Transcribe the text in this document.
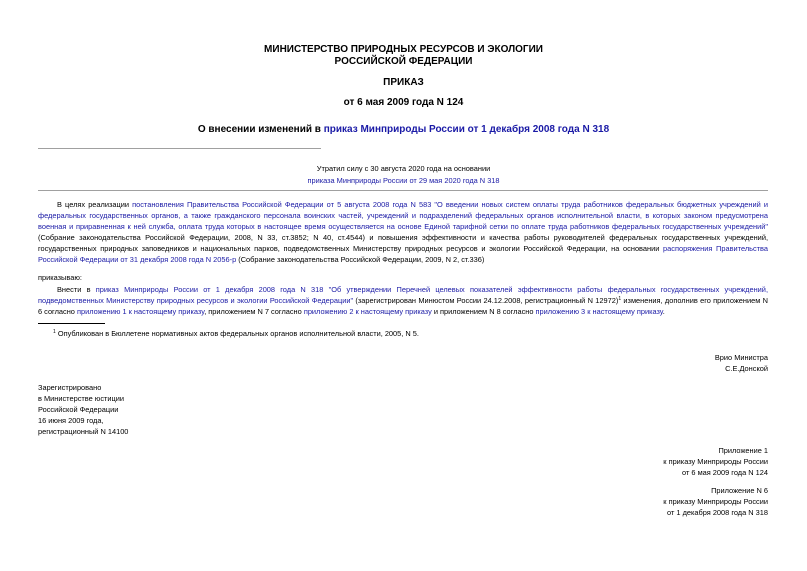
МИНИСТЕРСТВО ПРИРОДНЫХ РЕСУРСОВ И ЭКОЛОГИИ
РОССИЙСКОЙ ФЕДЕРАЦИИ
ПРИКАЗ
от 6 мая 2009 года N 124
О внесении изменений в приказ Минприроды России от 1 декабря 2008 года N 318
Утратил силу с 30 августа 2020 года на основании
приказа Минприроды России от 29 мая 2020 года N 318
В целях реализации постановления Правительства Российской Федерации от 5 августа 2008 года N 583 "О введении новых систем оплаты труда работников федеральных бюджетных учреждений и федеральных государственных органов, а также гражданского персонала воинских частей, учреждений и подразделений федеральных органов исполнительной власти, в которых законом предусмотрена военная и приравненная к ней служба, оплата труда которых в настоящее время осуществляется на основе Единой тарифной сетки по оплате труда работников федеральных государственных учреждений" (Собрание законодательства Российской Федерации, 2008, N 33, ст.3852; N 40, ст.4544) и повышения эффективности и качества работы руководителей федеральных государственных учреждений, государственных природных заповедников и национальных парков, подведомственных Министерству природных ресурсов и экологии Российской Федерации, на основании распоряжения Правительства Российской Федерации от 31 декабря 2008 года N 2056-р (Собрание законодательства Российской Федерации, 2009, N 2, ст.336)
приказываю:
Внести в приказ Минприроды России от 1 декабря 2008 года N 318 "Об утверждении Перечней целевых показателей эффективности работы федеральных государственных учреждений, подведомственных Министерству природных ресурсов и экологии Российской Федерации" (зарегистрирован Минюстом России 24.12.2008, регистрационный N 12972)$^1$ изменения, дополнив его приложением N 6 согласно приложению 1 к настоящему приказу, приложением N 7 согласно приложению 2 к настоящему приказу и приложением N 8 согласно приложению 3 к настоящему приказу.
$^1$ Опубликован в Бюллетене нормативных актов федеральных органов исполнительной власти, 2005, N 5.
Врио Министра
С.Е.Донской
Зарегистрировано
в Министерстве юстиции
Российской Федерации
16 июня 2009 года,
регистрационный N 14100
Приложение 1
к приказу Минприроды России
от 6 мая 2009 года N 124
Приложение N 6
к приказу Минприроды России
от 1 декабря 2008 года N 318
